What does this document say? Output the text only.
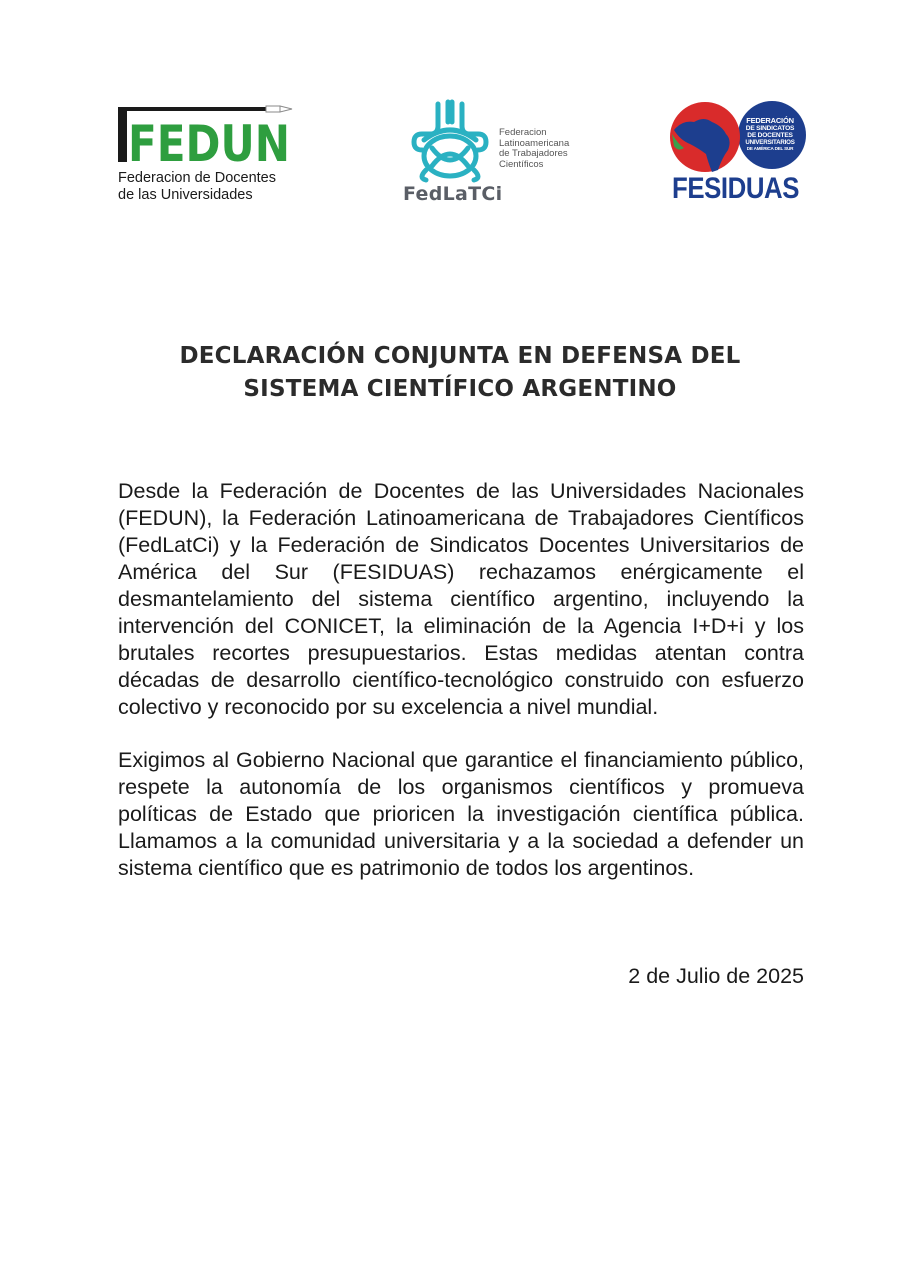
FEDUN
Federacion de Docentes
de las Universidades
Federacion
Latinoamericana
de Trabajadores
Científicos
FedLaTCi
FEDERACIÓN
DE SINDICATOS
DE DOCENTES
UNIVERSITARIOS
DE AMÉRICA DEL SUR
FESIDUAS
DECLARACIÓN CONJUNTA EN DEFENSA DEL
SISTEMA CIENTÍFICO ARGENTINO

Desde la Federación de Docentes de las Universidades Nacionales (FEDUN), la Federación Latinoamericana de Trabajadores Científicos (FedLatCi) y la Federación de Sindicatos Docentes Universitarios de América del Sur (FESIDUAS) rechazamos enérgicamente el desmantelamiento del sistema científico argentino, incluyendo la intervención del CONICET, la eliminación de la Agencia I+D+i y los brutales recortes presupuestarios. Estas medidas atentan contra décadas de desarrollo científico-tecnológico construido con esfuerzo colectivo y reconocido por su excelencia a nivel mundial.

Exigimos al Gobierno Nacional que garantice el financiamiento público, respete la autonomía de los organismos científicos y promueva políticas de Estado que prioricen la investigación científica pública. Llamamos a la comunidad universitaria y a la sociedad a defender un sistema científico que es patrimonio de todos los argentinos.

2 de Julio de 2025
